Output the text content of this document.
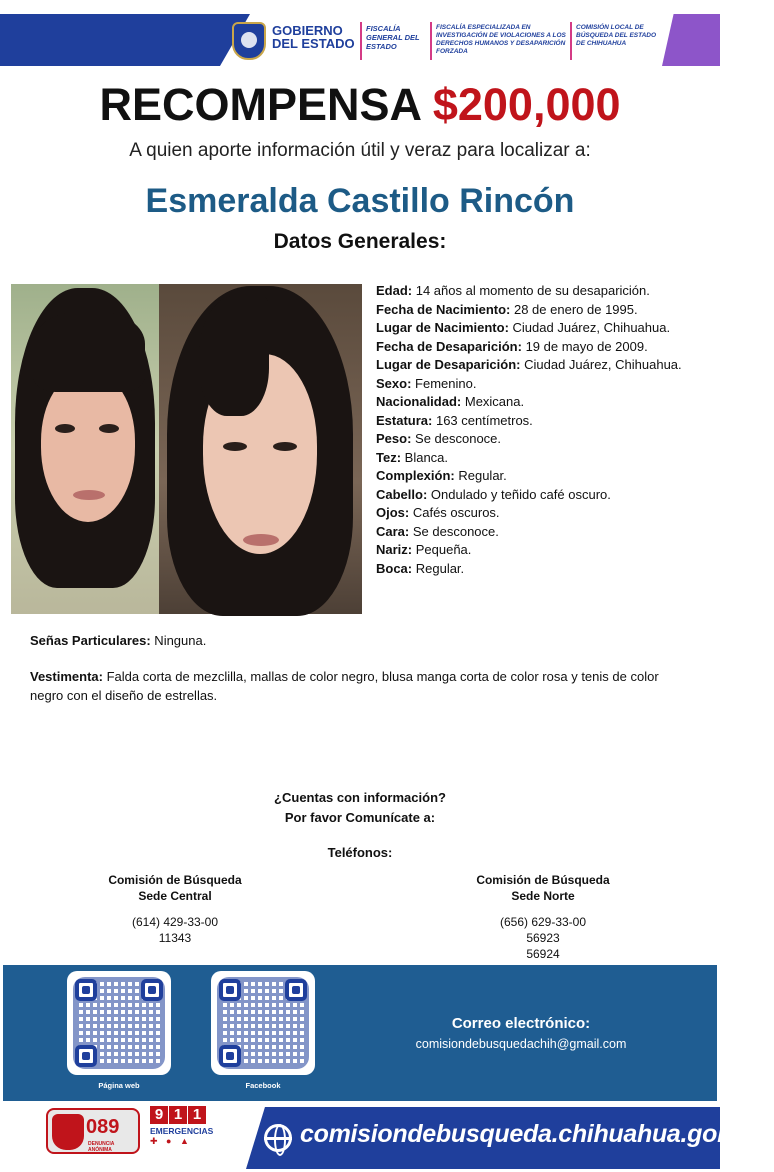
GOBIERNO DEL ESTADO
FISCALÍA GENERAL DEL ESTADO
FISCALÍA ESPECIALIZADA EN INVESTIGACIÓN DE VIOLACIONES A LOS DERECHOS HUMANOS Y DESAPARICIÓN FORZADA
COMISIÓN LOCAL DE BÚSQUEDA DEL ESTADO DE CHIHUAHUA
RECOMPENSA $200,000
A quien aporte información útil y veraz para localizar a:
Esmeralda Castillo Rincón
Datos Generales:
Edad: 14 años al momento de su desaparición.
Fecha de Nacimiento: 28 de enero de 1995.
Lugar de Nacimiento: Ciudad Juárez, Chihuahua.
Fecha de Desaparición: 19 de mayo de 2009.
Lugar de Desaparición: Ciudad Juárez, Chihuahua.
Sexo: Femenino.
Nacionalidad: Mexicana.
Estatura: 163 centímetros.
Peso: Se desconoce.
Tez: Blanca.
Complexión: Regular.
Cabello: Ondulado y teñido café oscuro.
Ojos: Cafés oscuros.
Cara: Se desconoce.
Nariz: Pequeña.
Boca: Regular.
Señas Particulares: Ninguna.
Vestimenta: Falda corta de mezclilla, mallas de color negro, blusa manga corta de color rosa y tenis de color negro con el diseño de estrellas.
¿Cuentas con información?
Por favor Comunícate a:
Teléfonos:
Comisión de Búsqueda
Sede Central
(614) 429-33-00
11343
Comisión de Búsqueda
Sede Norte
(656) 629-33-00
56923
56924
Página web	Facebook
Correo electrónico:
comisiondebusquedachih@gmail.com
089
DENUNCIA ANÓNIMA
9 1 1
EMERGENCIAS
✚ ● ▲	comisiondebusqueda.chihuahua.gob.mx
